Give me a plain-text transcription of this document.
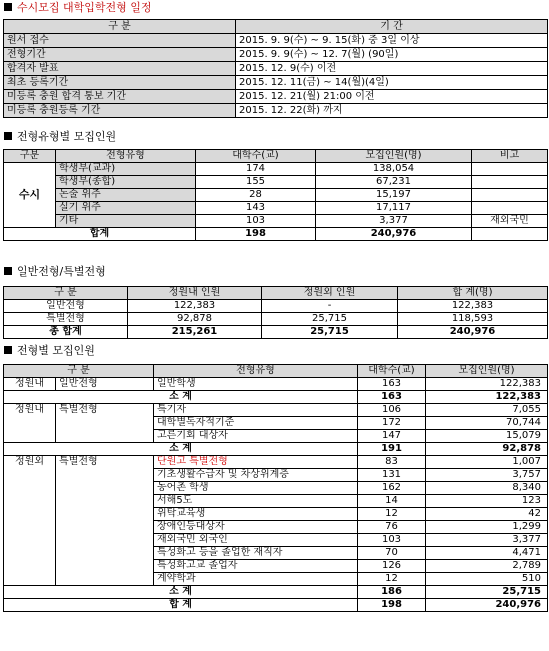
수시모집 대학입학전형 일정
구 분	기 간
원서 접수	2015. 9. 9(수) ~ 9. 15(화) 중 3일 이상
전형기간	2015. 9. 9(수) ~ 12. 7(월) (90일)
합격자 발표	2015. 12. 9(수) 이전
최초 등록기간	2015. 12. 11(금) ~ 14(월)(4일)
미등록 충원 합격 통보 기간	2015. 12. 21(월) 21:00 이전
미등록 충원등록 기간	2015. 12. 22(화) 까지
전형유형별 모집인원
구분	전형유형	대학수(교)	모집인원(명)	비고
수시	학생부(교과)	174	138,054	
	학생부(종합)	155	67,231	
	논술 위주	28	15,197	
	실기 위주	143	17,117	
	기타	103	3,377	재외국민
합계		198	240,976	
일반전형/특별전형
구 분	정원내 인원	정원외 인원	합 계(명)
일반전형	122,383	-	122,383
특별전형	92,878	25,715	118,593
총 합계	215,261	25,715	240,976
전형별 모집인원
구 분		전형유형	대학수(교)	모집인원(명)
정원내	일반전형	일반학생	163	122,383
소 계			163	122,383
정원내	특별전형	특기자	106	7,055
		대학별독자적기준	172	70,744
		고른기회 대상자	147	15,079
소 계			191	92,878
정원외	특별전형	단원고 특별전형	83	1,007
		기초생활수급자 및 차상위계층	131	3,757
		농어촌 학생	162	8,340
		서해5도	14	123
		위탁교육생	12	42
		장애인등대상자	76	1,299
		재외국민 외국인	103	3,377
		특성화고 등을 졸업한 재직자	70	4,471
		특성화고교 졸업자	126	2,789
		계약학과	12	510
소 계			186	25,715
합 계			198	240,976
